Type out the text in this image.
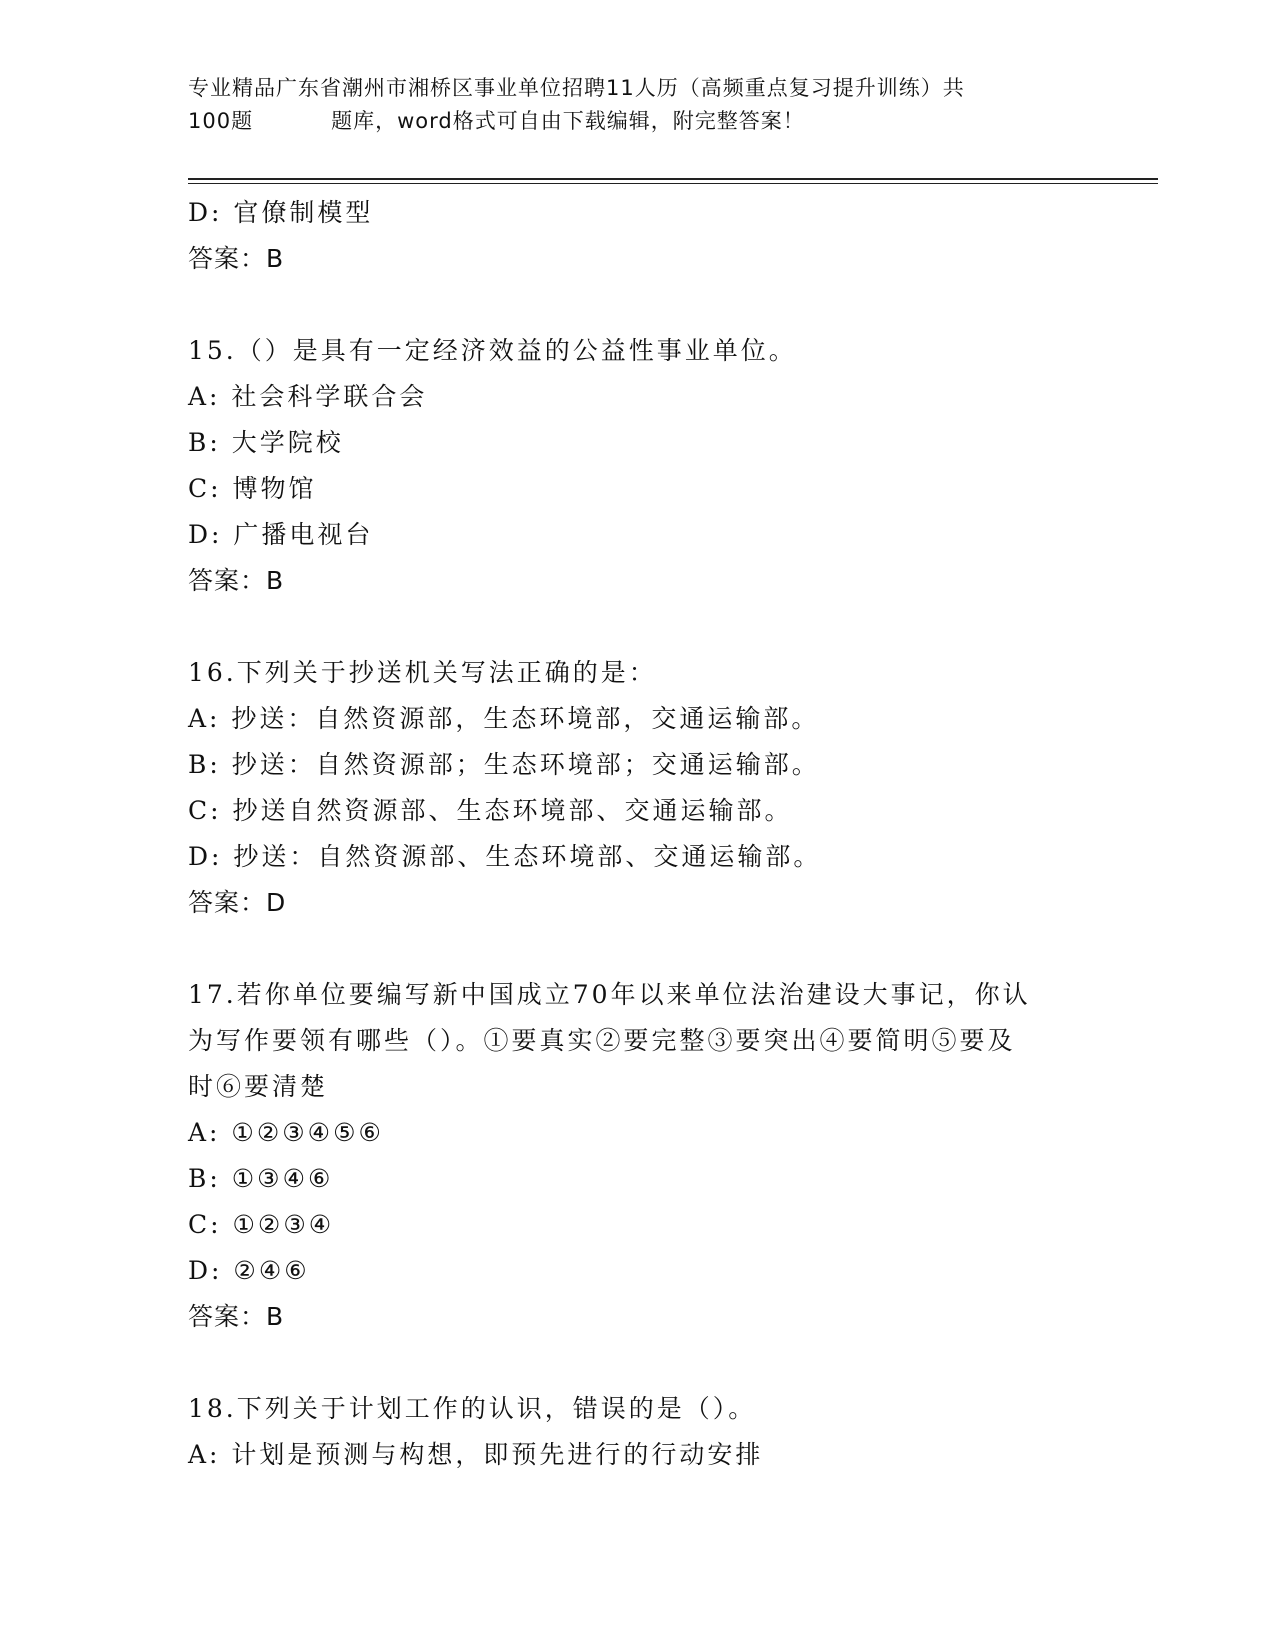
专业精品广东省潮州市湘桥区事业单位招聘11人历（高频重点复习提升训练）共
100题	题库，word格式可自由下载编辑，附完整答案！
D: 官僚制模型
答案：B
15.（）是具有一定经济效益的公益性事业单位。
A: 社会科学联合会
B: 大学院校
C: 博物馆
D: 广播电视台
答案：B
16.下列关于抄送机关写法正确的是：
A: 抄送：自然资源部，生态环境部，交通运输部。
B: 抄送：自然资源部；生态环境部；交通运输部。
C: 抄送自然资源部、生态环境部、交通运输部。
D: 抄送：自然资源部、生态环境部、交通运输部。
答案：D
17.若你单位要编写新中国成立70年以来单位法治建设大事记，你认
为写作要领有哪些（）。①要真实②要完整③要突出④要简明⑤要及
时⑥要清楚
A: ①②③④⑤⑥
B: ①③④⑥
C: ①②③④
D: ②④⑥
答案：B
18.下列关于计划工作的认识，错误的是（）。
A: 计划是预测与构想，即预先进行的行动安排
